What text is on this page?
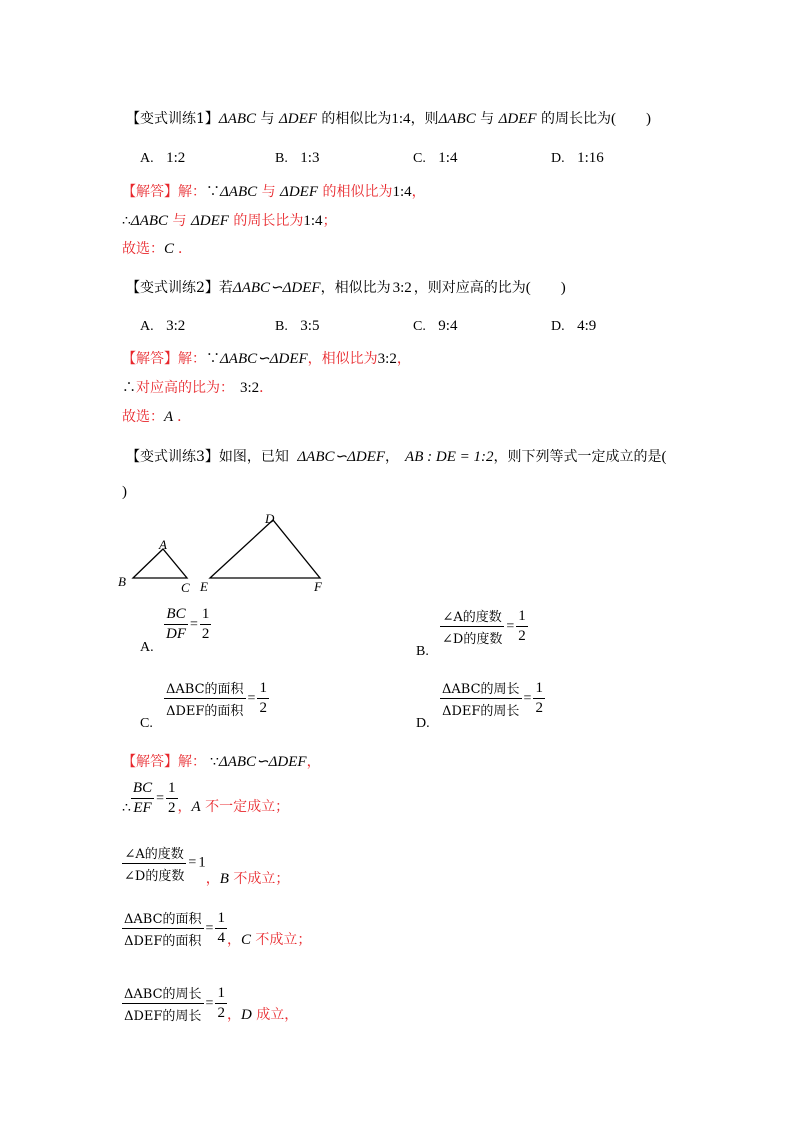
【变式训练1】ΔABC 与 ΔDEF 的相似比为1:4，则ΔABC 与 ΔDEF 的周长比为(        )
A. 1:2	B. 1:3	C. 1:4	D. 1:16
【解答】解：∵ΔABC 与 ΔDEF 的相似比为1:4，
∴ΔABC 与 ΔDEF 的周长比为1:4；
故选：C ．
【变式训练2】若ΔABC∽ΔDEF，相似比为 3:2 ，则对应高的比为(        )
A. 3:2	B. 3:5	C. 9:4	D. 4:9
【解答】解：∵ΔABC∽ΔDEF，相似比为3:2，
∴对应高的比为： 3:2．
故选：A ．
【变式训练3】如图，已知 ΔABC∽ΔDEF， AB : DE = 1:2，则下列等式一定成立的是(
)
A
B	C
D
E	F
$\frac{BC}{DF} = \frac{1}{2}$
A.
$\frac{\text{∠A的度数}}{\text{∠D的度数}} = \frac{1}{2}$
B.
$\frac{\text{ΔABC的面积}}{\text{ΔDEF的面积}} = \frac{1}{2}$
C.
$\frac{\text{ΔABC的周长}}{\text{ΔDEF的周长}} = \frac{1}{2}$
D.
【解答】解： ∵ΔABC∽ΔDEF，
∴ $\frac{BC}{EF} = \frac{1}{2}$ ，A 不一定成立；
$\frac{\text{∠A的度数}}{\text{∠D的度数}} = 1$，B 不成立；
$\frac{\text{ΔABC的面积}}{\text{ΔDEF的面积}} = \frac{1}{4}$ ，C 不成立；
$\frac{\text{ΔABC的周长}}{\text{ΔDEF的周长}} = \frac{1}{2}$ ，D 成立，
